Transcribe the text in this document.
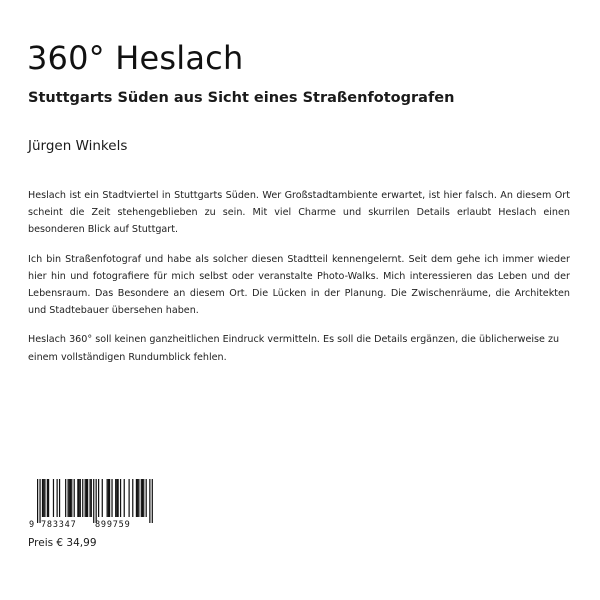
360° Heslach
Stuttgarts Süden aus Sicht eines Straßenfotografen
Jürgen Winkels

Heslach ist ein Stadtviertel in Stuttgarts Süden. Wer Großstadtambiente erwartet, ist hier falsch. An diesem Ort scheint die Zeit stehengeblieben zu sein. Mit viel Charme und skurrilen Details erlaubt Heslach einen besonderen Blick auf Stuttgart.

Ich bin Straßenfotograf und habe als solcher diesen Stadtteil kennengelernt. Seit dem gehe ich immer wieder hier hin und fotografiere für mich selbst oder veranstalte Photo-Walks. Mich interessieren das Leben und der Lebensraum. Das Besondere an diesem Ort. Die Lücken in der Planung. Die Zwischenräume, die Architekten und Stadtebauer übersehen haben.

Heslach 360° soll keinen ganzheitlichen Eindruck vermitteln. Es soll die Details ergänzen, die üblicherweise zu einem vollständigen Rundumblick fehlen.

9 783347 899759
Preis € 34,99
